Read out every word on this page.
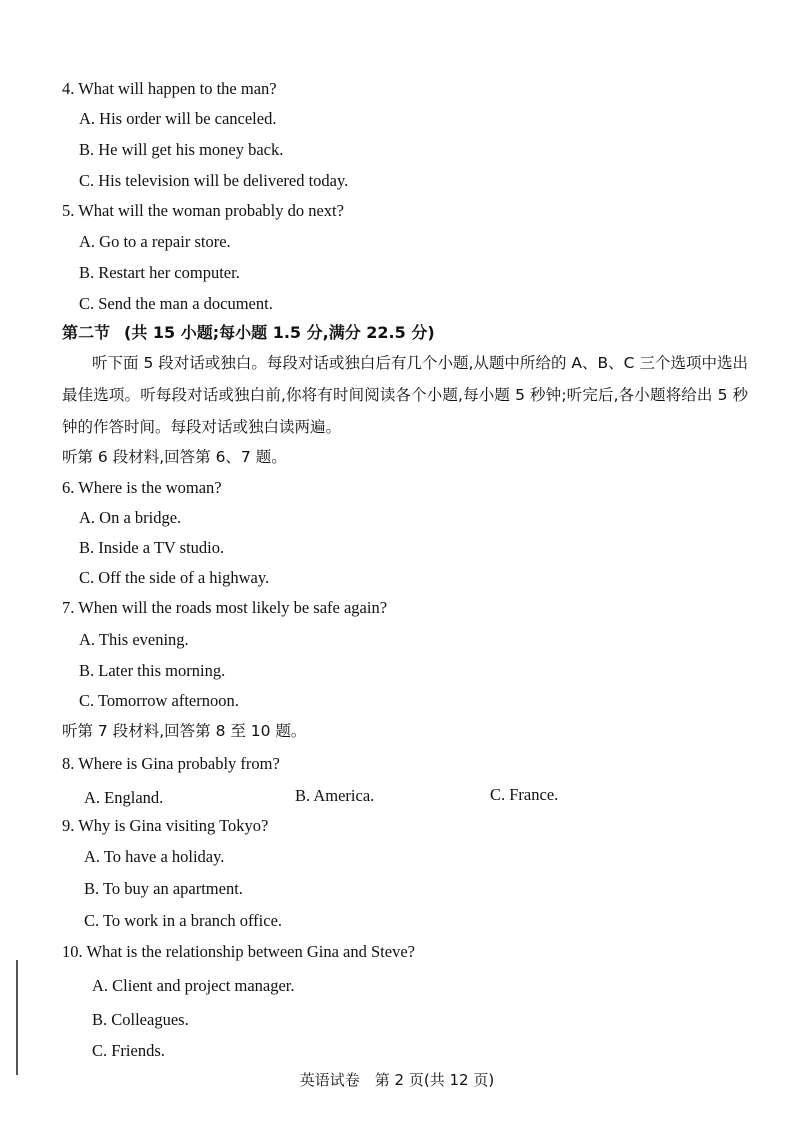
4. What will happen to the man?
A. His order will be canceled.
B. He will get his money back.
C. His television will be delivered today.
5. What will the woman probably do next?
A. Go to a repair store.
B. Restart her computer.
C. Send the man a document.
第二节 (共 15 小题;每小题 1.5 分,满分 22.5 分)
听下面 5 段对话或独白。每段对话或独白后有几个小题,从题中所给的 A、B、C 三个选项中选出最佳选项。听每段对话或独白前,你将有时间阅读各个小题,每小题 5 秒钟;听完后,各小题将给出 5 秒钟的作答时间。每段对话或独白读两遍。
听第 6 段材料,回答第 6、7 题。
6. Where is the woman?
A. On a bridge.
B. Inside a TV studio.
C. Off the side of a highway.
7. When will the roads most likely be safe again?
A. This evening.
B. Later this morning.
C. Tomorrow afternoon.
听第 7 段材料,回答第 8 至 10 题。
8. Where is Gina probably from?
A. England.	B. America.	C. France.
9. Why is Gina visiting Tokyo?
A. To have a holiday.
B. To buy an apartment.
C. To work in a branch office.
10. What is the relationship between Gina and Steve?
A. Client and project manager.
B. Colleagues.
C. Friends.
英语试卷　第 2 页(共 12 页)
